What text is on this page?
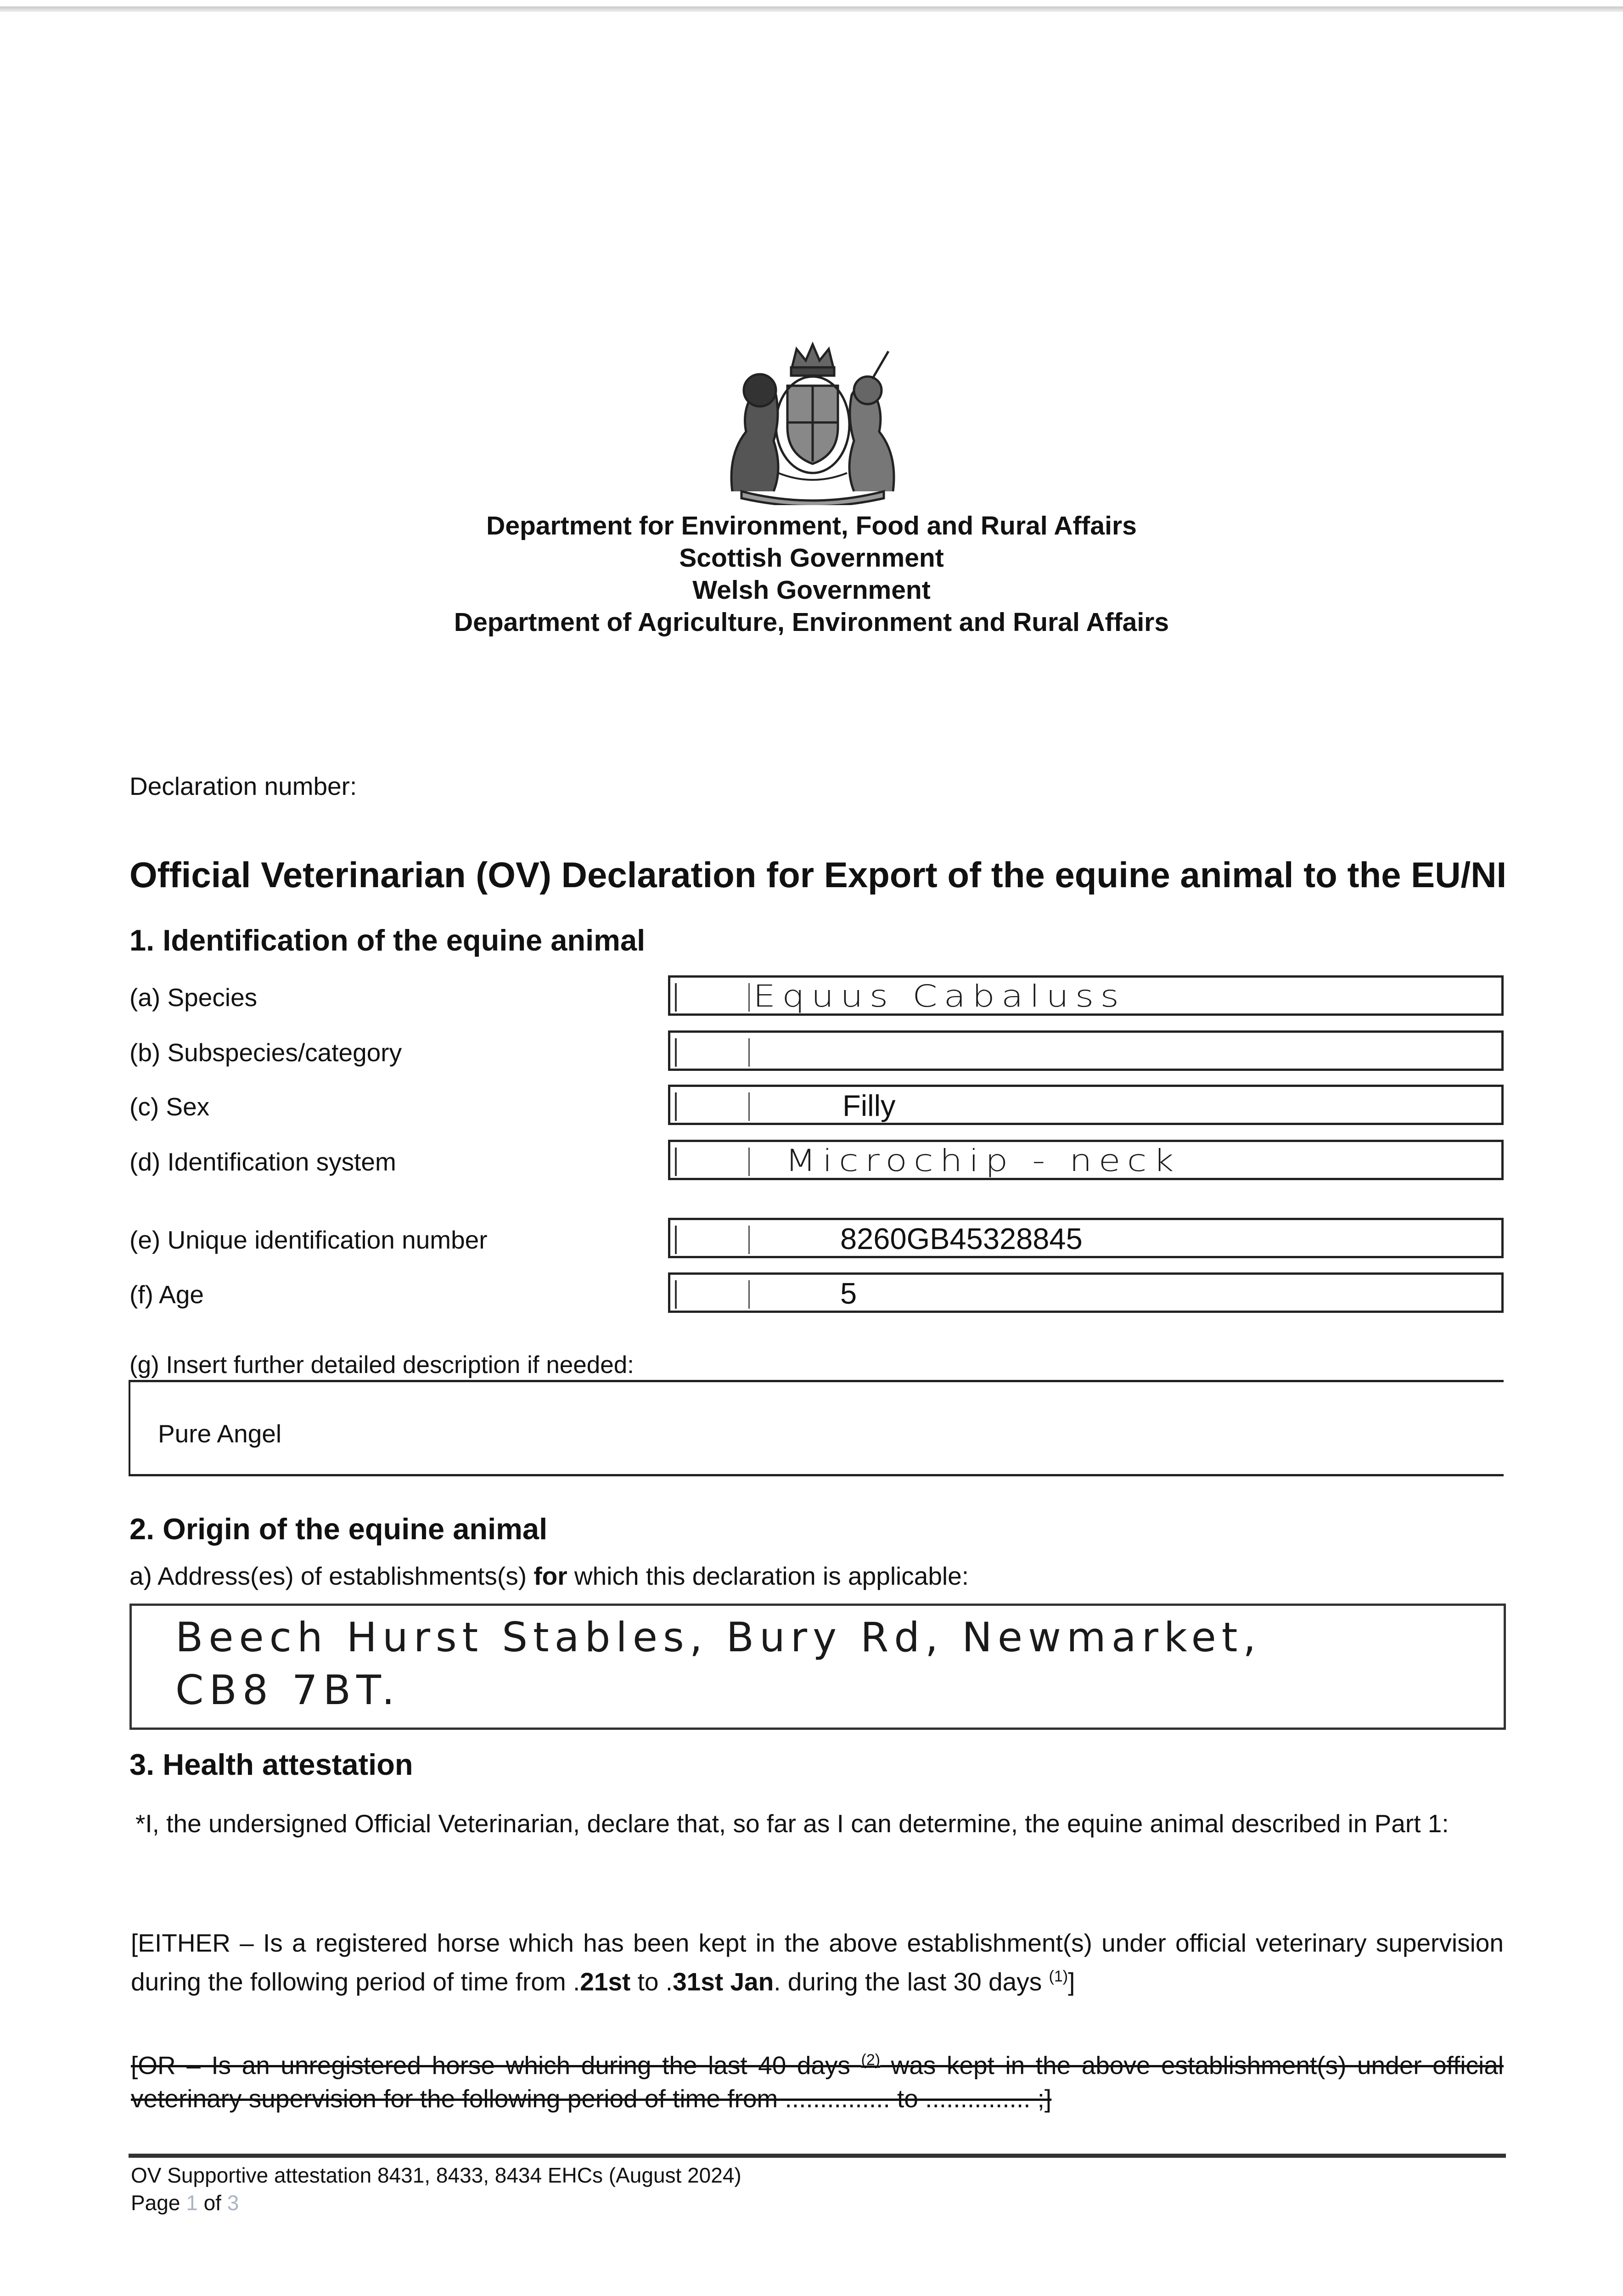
Department for Environment, Food and Rural Affairs
Scottish Government
Welsh Government
Department of Agriculture, Environment and Rural Affairs
Declaration number:
Official Veterinarian (OV) Declaration for Export of the equine animal to the EU/NI
1. Identification of the equine animal
(a) Species	Equus Cabaluss
(b) Subspecies/category
(c) Sex	Filly
(d) Identification system	Microchip - neck
(e) Unique identification number	8260GB45328845
(f) Age	5
(g) Insert further detailed description if needed:
Pure Angel
2. Origin of the equine animal
a) Address(es) of establishments(s) for which this declaration is applicable:
Beech Hurst Stables, Bury Rd, Newmarket,
CB8 7BT.
3. Health attestation
*I, the undersigned Official Veterinarian, declare that, so far as I can determine, the equine animal described in Part 1:
[EITHER – Is a registered horse which has been kept in the above establishment(s) under official veterinary supervision during the following period of time from .21st to .31st Jan. during the last 30 days $^{(1)}$]
[OR – Is an unregistered horse which during the last 40 days $^{(2)}$ was kept in the above establishment(s) under official veterinary supervision for the following period of time from ............... to ............... ;]
OV Supportive attestation 8431, 8433, 8434 EHCs (August 2024)
Page 1 of 3
